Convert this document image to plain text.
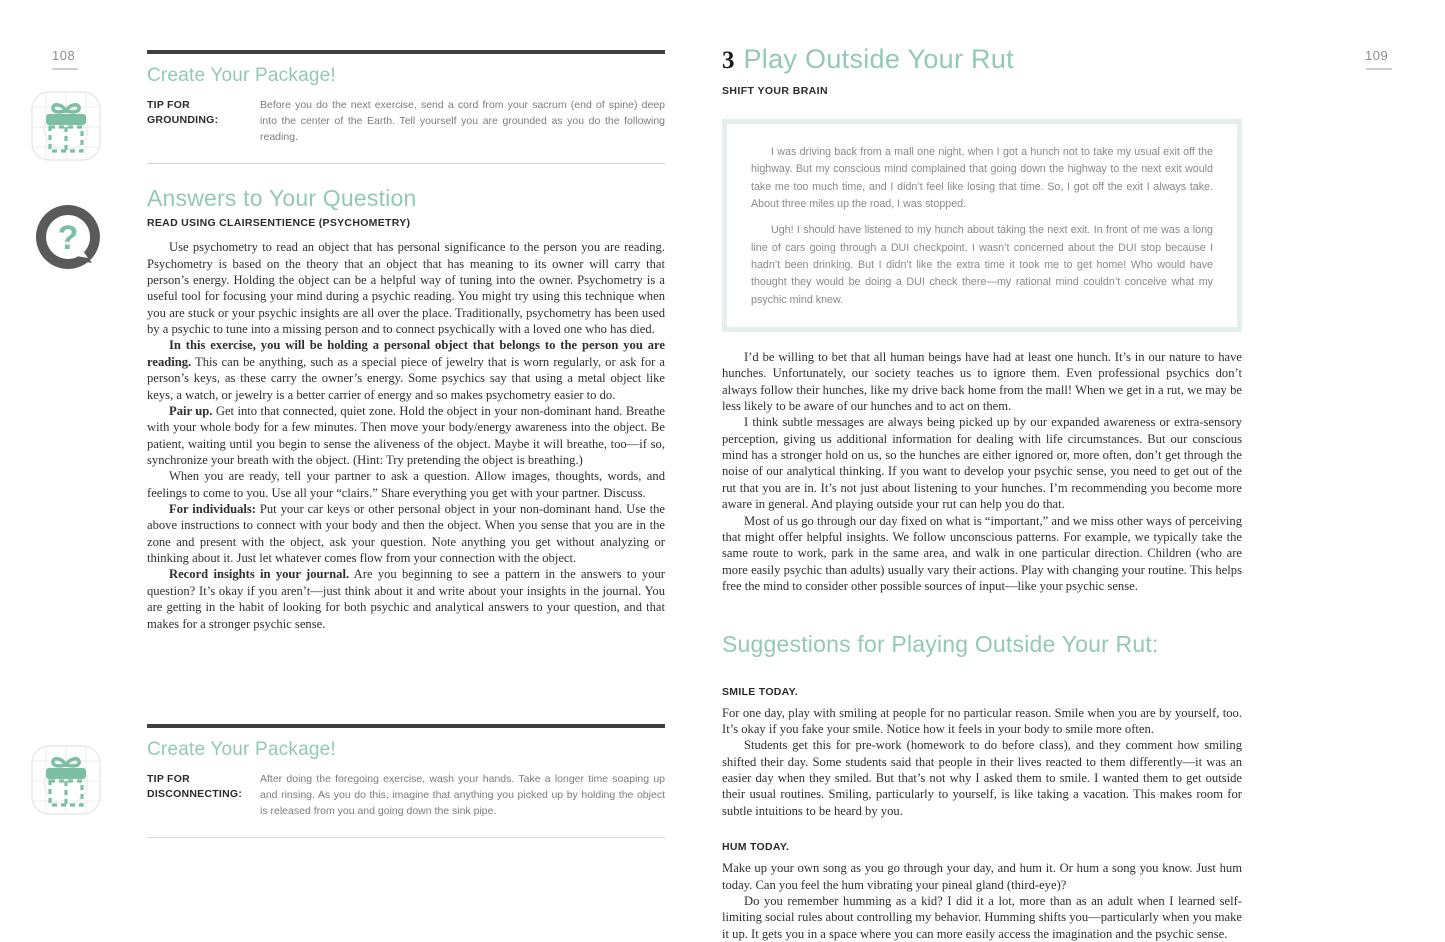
108
?
Create Your Package!
TIP FOR
GROUNDING:
Before you do the next exercise, send a cord from your sacrum (end of spine) deep into the center of the Earth. Tell yourself you are grounded as you do the following reading.
Answers to Your Question
READ USING CLAIRSENTIENCE (PSYCHOMETRY)

Use psychometry to read an object that has personal significance to the person you are reading. Psychometry is based on the theory that an object that has meaning to its owner will carry that person’s energy. Holding the object can be a helpful way of tuning into the owner. Psychometry is a useful tool for focusing your mind during a psychic reading. You might try using this technique when you are stuck or your psychic insights are all over the place. Traditionally, psychometry has been used by a psychic to tune into a missing person and to connect psychically with a loved one who has died.

In this exercise, you will be holding a personal object that belongs to the person you are reading. This can be anything, such as a special piece of jewelry that is worn regularly, or ask for a person’s keys, as these carry the owner’s energy. Some psychics say that using a metal object like keys, a watch, or jewelry is a better carrier of energy and so makes psychometry easier to do.

Pair up. Get into that connected, quiet zone. Hold the object in your non-dominant hand. Breathe with your whole body for a few minutes. Then move your body/energy awareness into the object. Be patient, waiting until you begin to sense the aliveness of the object. Maybe it will breathe, too—if so, synchronize your breath with the object. (Hint: Try pretending the object is breathing.)

When you are ready, tell your partner to ask a question. Allow images, thoughts, words, and feelings to come to you. Use all your “clairs.” Share everything you get with your partner. Discuss.

For individuals: Put your car keys or other personal object in your non-dominant hand. Use the above instructions to connect with your body and then the object. When you sense that you are in the zone and present with the object, ask your question. Note anything you get without analyzing or thinking about it. Just let whatever comes flow from your connection with the object.

Record insights in your journal. Are you beginning to see a pattern in the answers to your question? It’s okay if you aren’t—just think about it and write about your insights in the journal. You are getting in the habit of looking for both psychic and analytical answers to your question, and that makes for a stronger psychic sense.

Create Your Package!
TIP FOR
DISCONNECTING:
After doing the foregoing exercise, wash your hands. Take a longer time soaping up and rinsing. As you do this, imagine that anything you picked up by holding the object is released from you and going down the sink pipe.
109
3 Play Outside Your Rut
SHIFT YOUR BRAIN

I was driving back from a mall one night, when I got a hunch not to take my usual exit off the highway. But my conscious mind complained that going down the highway to the next exit would take me too much time, and I didn’t feel like losing that time. So, I got off the exit I always take. About three miles up the road, I was stopped.

Ugh! I should have listened to my hunch about taking the next exit. In front of me was a long line of cars going through a DUI checkpoint. I wasn’t concerned about the DUI stop because I hadn’t been drinking. But I didn’t like the extra time it took me to get home! Who would have thought they would be doing a DUI check there—my rational mind couldn’t conceive what my psychic mind knew.

I’d be willing to bet that all human beings have had at least one hunch. It’s in our nature to have hunches. Unfortunately, our society teaches us to ignore them. Even professional psychics don’t always follow their hunches, like my drive back home from the mall! When we get in a rut, we may be less likely to be aware of our hunches and to act on them.

I think subtle messages are always being picked up by our expanded awareness or extra-sensory perception, giving us additional information for dealing with life circumstances. But our conscious mind has a stronger hold on us, so the hunches are either ignored or, more often, don’t get through the noise of our analytical thinking. If you want to develop your psychic sense, you need to get out of the rut that you are in. It’s not just about listening to your hunches. I’m recommending you become more aware in general. And playing outside your rut can help you do that.

Most of us go through our day fixed on what is “important,” and we miss other ways of perceiving that might offer helpful insights. We follow unconscious patterns. For example, we typically take the same route to work, park in the same area, and walk in one particular direction. Children (who are more easily psychic than adults) usually vary their actions. Play with changing your routine. This helps free the mind to consider other possible sources of input—like your psychic sense.

Suggestions for Playing Outside Your Rut:
SMILE TODAY.

For one day, play with smiling at people for no particular reason. Smile when you are by yourself, too. It’s okay if you fake your smile. Notice how it feels in your body to smile more often.

Students get this for pre-work (homework to do before class), and they comment how smiling shifted their day. Some students said that people in their lives reacted to them differently—it was an easier day when they smiled. But that’s not why I asked them to smile. I wanted them to get outside their usual routines. Smiling, particularly to yourself, is like taking a vacation. This makes room for subtle intuitions to be heard by you.

HUM TODAY.

Make up your own song as you go through your day, and hum it. Or hum a song you know. Just hum today. Can you feel the hum vibrating your pineal gland (third-eye)?

Do you remember humming as a kid? I did it a lot, more than as an adult when I learned self-limiting social rules about controlling my behavior. Humming shifts you—particularly when you make it up. It gets you in a space where you can more easily access the imagination and the psychic sense.
